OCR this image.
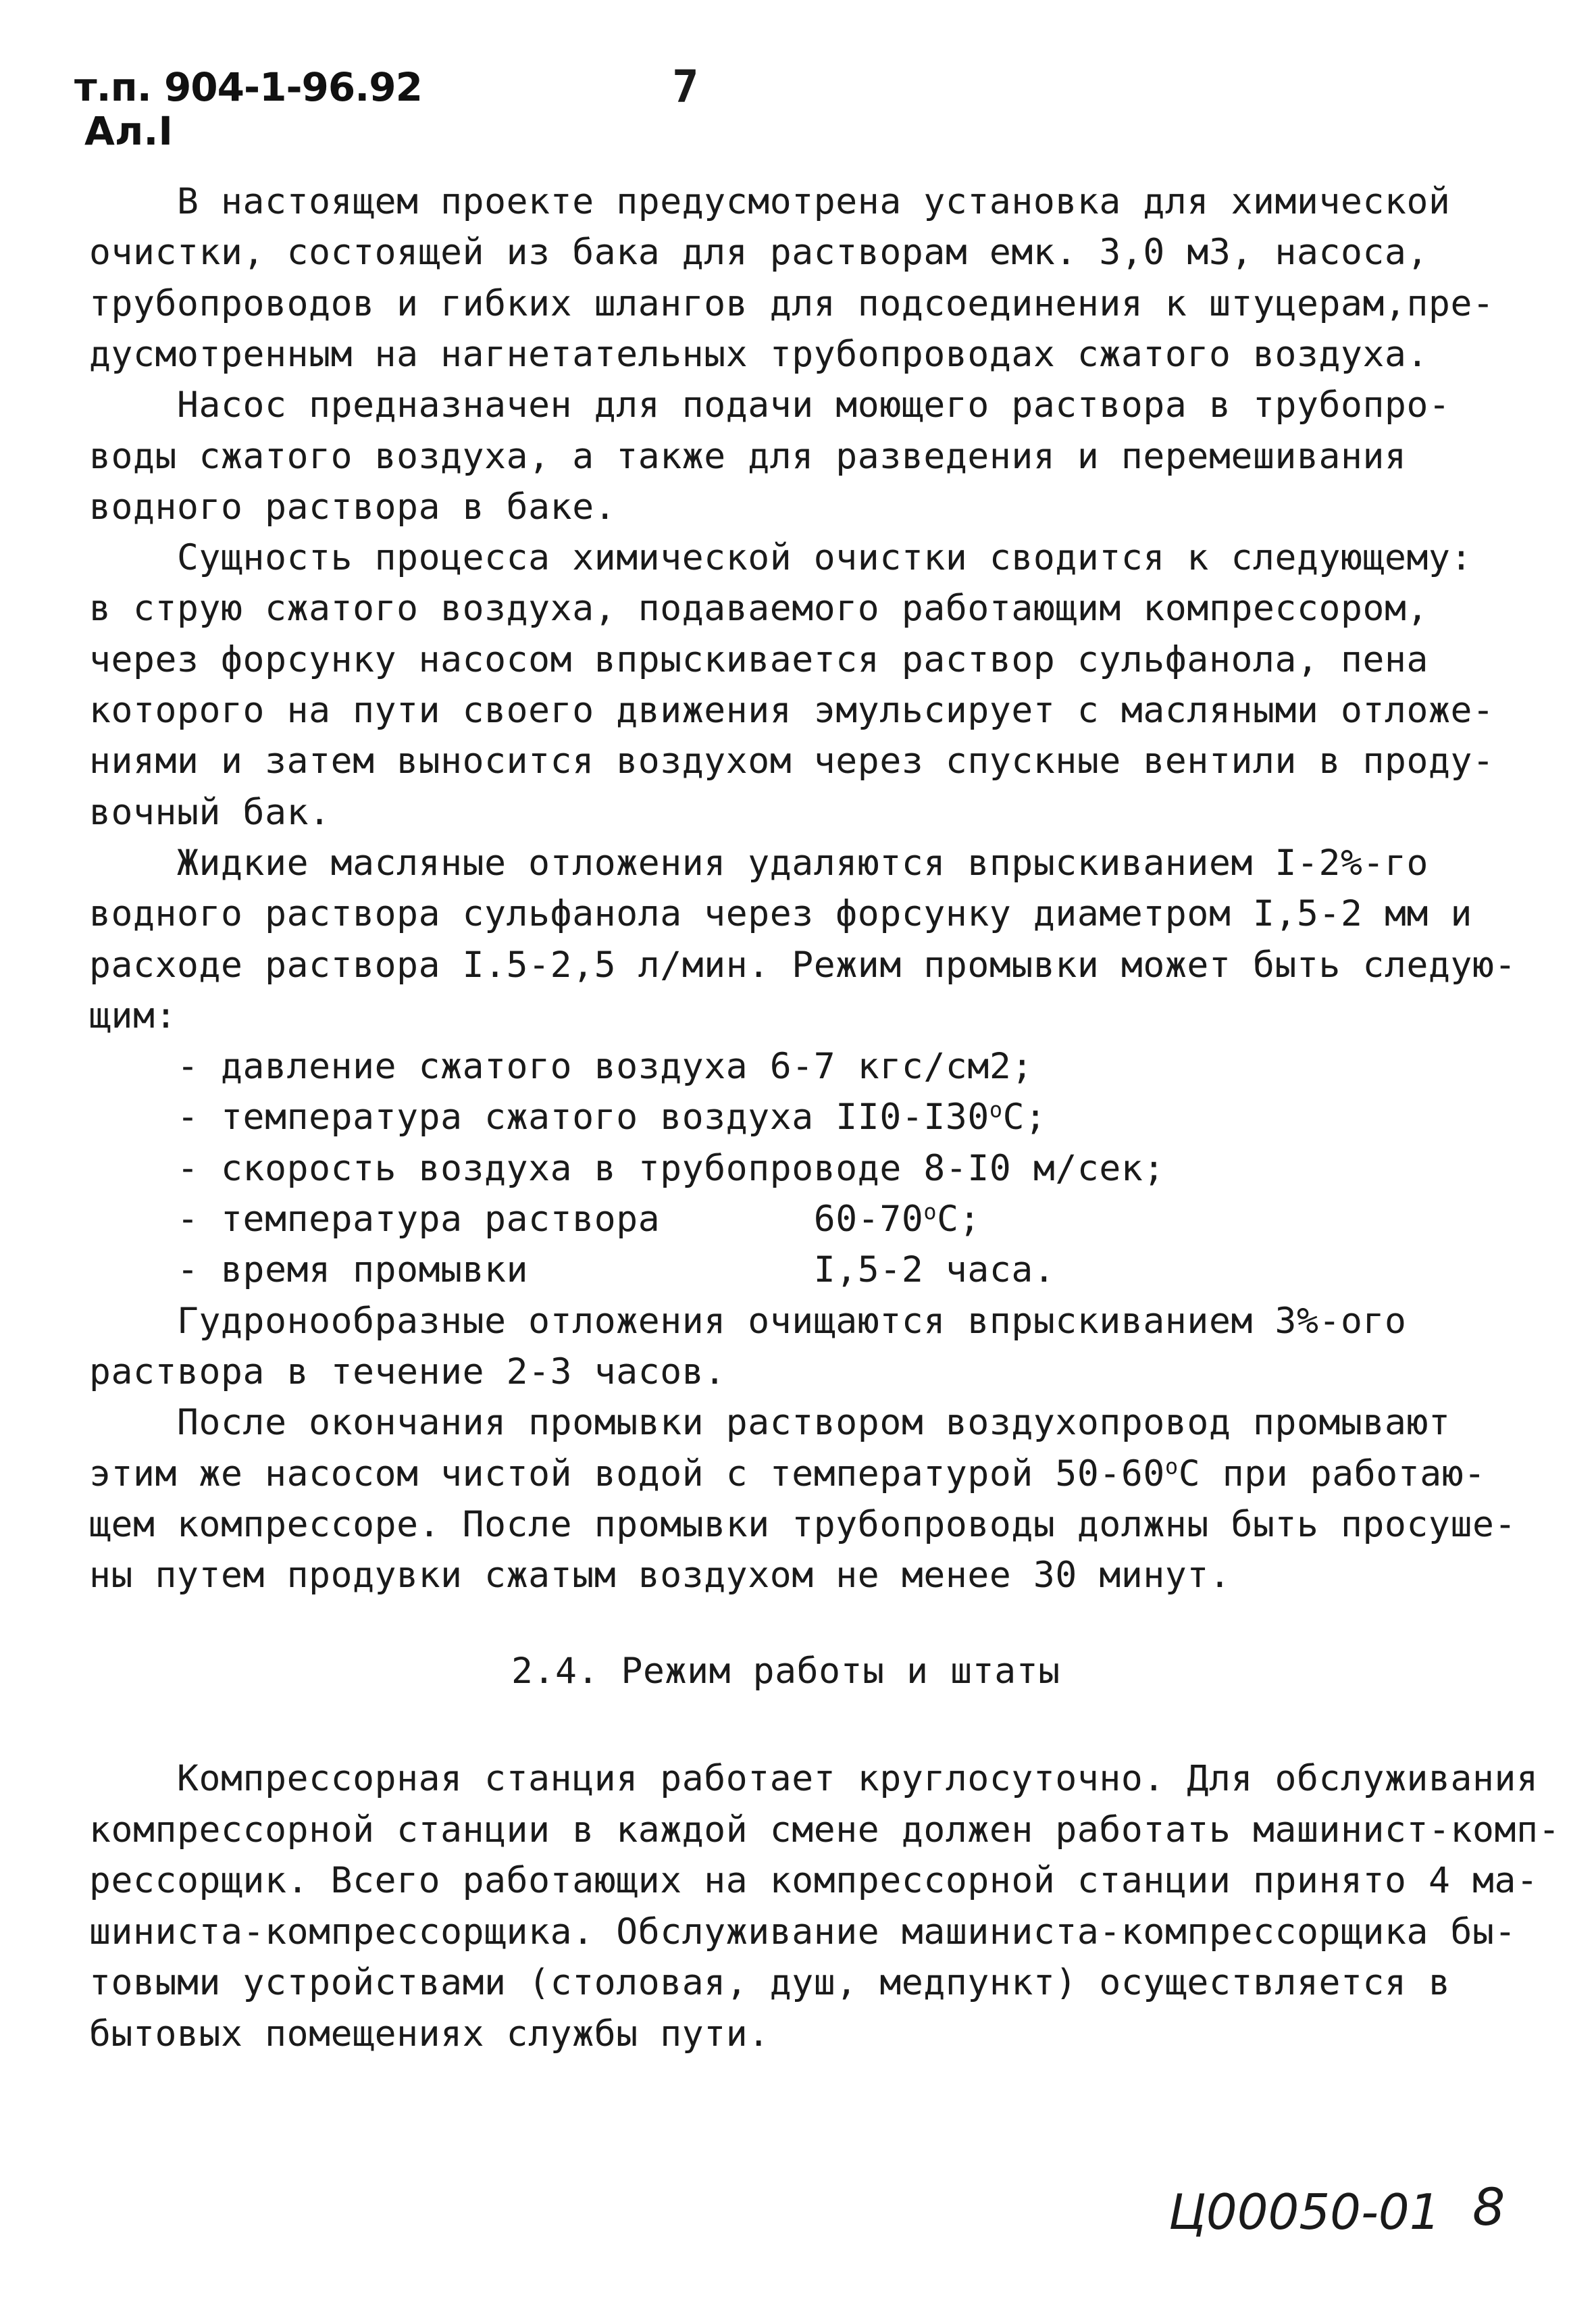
т.п. 904-1-96.92
Ал.I
7
В настоящем проекте предусмотрена установка для химической
очистки, состоящей из бака для растворам емк. 3,0 м3, насоса,
трубопроводов и гибких шлангов для подсоединения к штуцерам,пре-
дусмотренным на нагнетательных трубопроводах сжатого воздуха.
Насос предназначен для подачи моющего раствора в трубопро-
воды сжатого воздуха, а также для разведения и перемешивания
водного раствора в баке.
Сущность процесса химической очистки сводится к следующему:
в струю сжатого воздуха, подаваемого работающим компрессором,
через форсунку насосом впрыскивается раствор сульфанола, пена
которого на пути своего движения эмульсирует с масляными отложе-
ниями и затем выносится воздухом через спускные вентили в проду-
вочный бак.
Жидкие масляные отложения удаляются впрыскиванием I-2%-го
водного раствора сульфанола через форсунку диаметром I,5-2 мм и
расходе раствора I.5-2,5 л/мин. Режим промывки может быть следую-
щим:
- давление сжатого воздуха 6-7 кгс/см2;
- температура сжатого воздуха II0-I30$^o$C;
- скорость воздуха в трубопроводе 8-I0 м/сек;
- температура раствора       60-70$^o$C;
- время промывки             I,5-2 часа.
Гудронообразные отложения очищаются впрыскиванием 3%-ого
раствора в течение 2-3 часов.
После окончания промывки раствором воздухопровод промывают
этим же насосом чистой водой с температурой 50-60$^o$C при работаю-
щем компрессоре. После промывки трубопроводы должны быть просуше-
ны путем продувки сжатым воздухом не менее 30 минут.
2.4. Режим работы и штаты
Компрессорная станция работает круглосуточно. Для обслуживания
компрессорной станции в каждой смене должен работать машинист-комп-
рессорщик. Всего работающих на компрессорной станции принято 4 ма-
шиниста-компрессорщика. Обслуживание машиниста-компрессорщика бы-
товыми устройствами (столовая, душ, медпункт) осуществляется в
бытовых помещениях службы пути.
Ц00050-01 8
